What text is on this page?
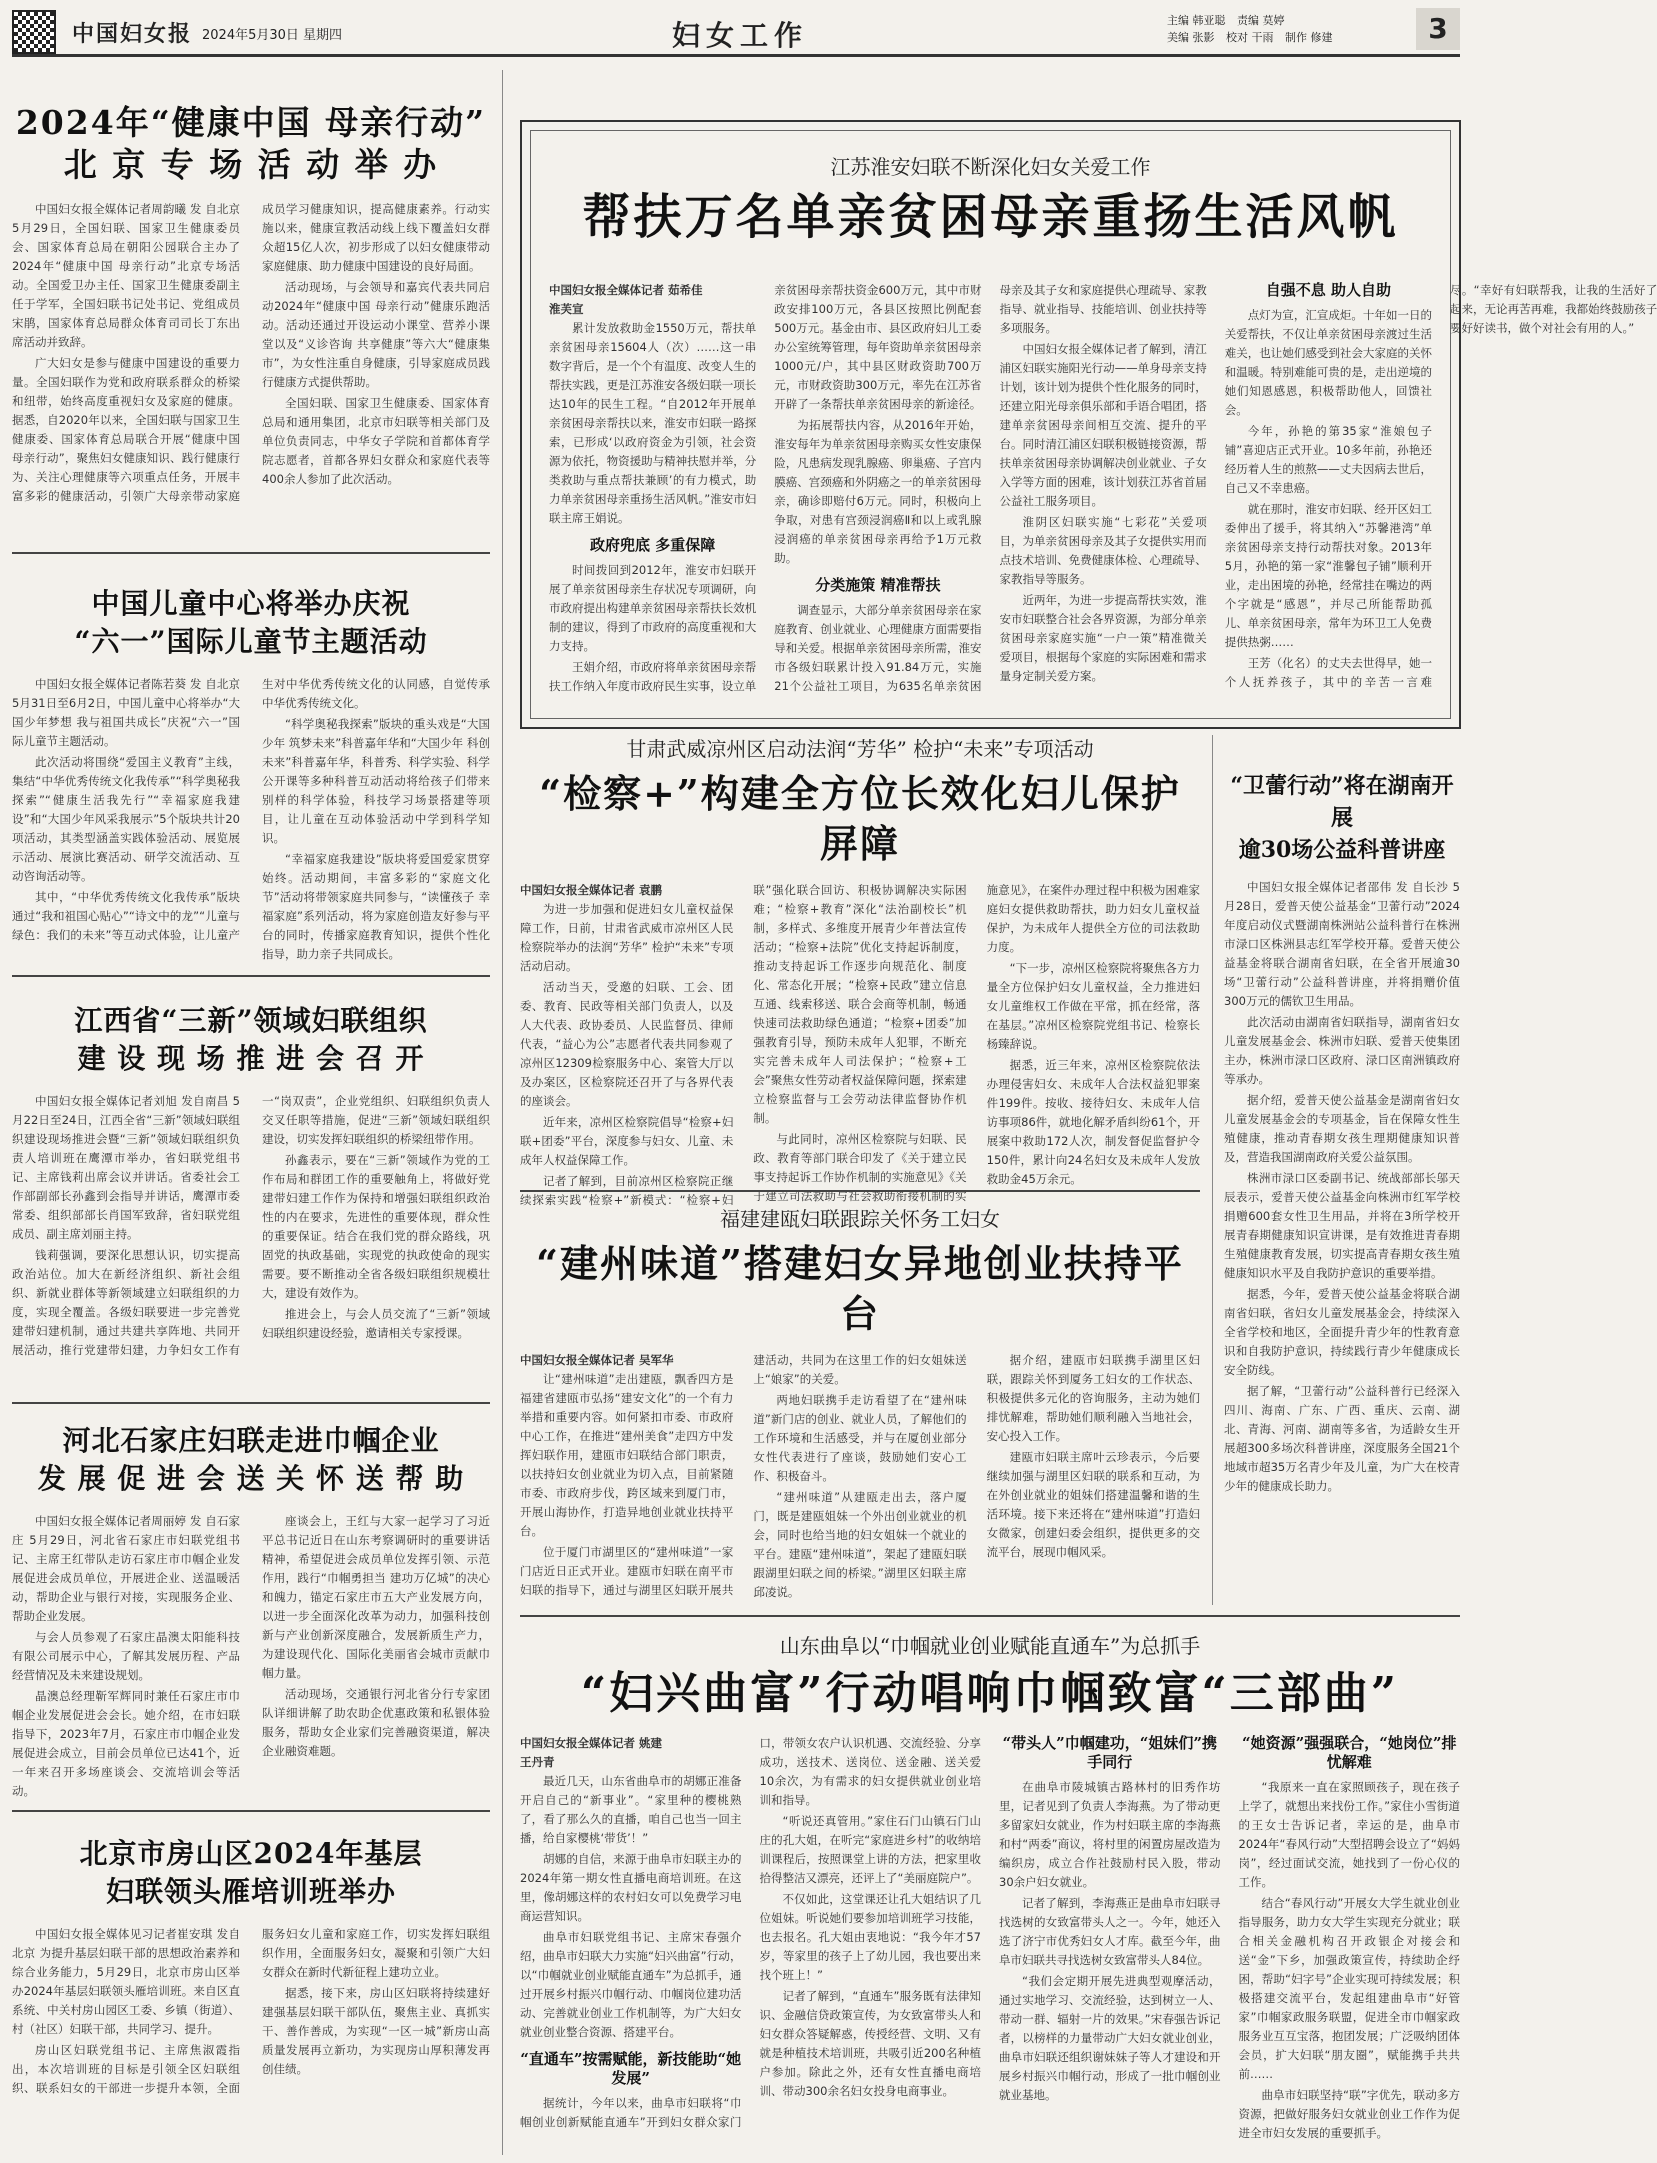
中国妇女报 2024年5月30日 星期四	妇女工作	主编 韩亚聪 责编 莫婷
美编 张影 校对 干雨 制作 修建	3
2024年“健康中国 母亲行动”
北 京 专 场 活 动 举 办

中国妇女报全媒体记者周韵曦 发 自北京 5月29日，全国妇联、国家卫生健康委员会、国家体育总局在朝阳公园联合主办了2024年“健康中国 母亲行动”北京专场活动。全国爱卫办主任、国家卫生健康委副主任于学军，全国妇联书记处书记、党组成员宋鹃，国家体育总局群众体育司司长丁东出席活动并致辞。

广大妇女是参与健康中国建设的重要力量。全国妇联作为党和政府联系群众的桥梁和纽带，始终高度重视妇女及家庭的健康。据悉，自2020年以来，全国妇联与国家卫生健康委、国家体育总局联合开展“健康中国 母亲行动”，聚焦妇女健康知识、践行健康行为、关注心理健康等六项重点任务，开展丰富多彩的健康活动，引领广大母亲带动家庭成员学习健康知识，提高健康素养。行动实施以来，健康宣教活动线上线下覆盖妇女群众超15亿人次，初步形成了以妇女健康带动家庭健康、助力健康中国建设的良好局面。

活动现场，与会领导和嘉宾代表共同启动2024年“健康中国 母亲行动”健康乐跑活动。活动还通过开设运动小课堂、营养小课堂以及“义诊咨询 共享健康”等六大“健康集市”，为女性注重自身健康，引导家庭成员践行健康方式提供帮助。

全国妇联、国家卫生健康委、国家体育总局和通用集团，北京市妇联等相关部门及单位负责同志，中华女子学院和首都体育学院志愿者，首都各界妇女群众和家庭代表等400余人参加了此次活动。

中国儿童中心将举办庆祝
“六一”国际儿童节主题活动

中国妇女报全媒体记者陈若葵 发 自北京 5月31日至6月2日，中国儿童中心将举办“大国少年梦想 我与祖国共成长”庆祝“六一”国际儿童节主题活动。

此次活动将围绕“爱国主义教育”主线，集结“中华优秀传统文化我传承”“科学奥秘我探索”“健康生活我先行”“幸福家庭我建设”和“大国少年风采我展示”5个版块共计20项活动，其类型涵盖实践体验活动、展览展示活动、展演比赛活动、研学交流活动、互动咨询活动等。

其中，“中华优秀传统文化我传承”版块通过“我和祖国心贴心”“诗文中的龙”“儿童与绿色：我们的未来”等互动式体验，让儿童产生对中华优秀传统文化的认同感，自觉传承中华优秀传统文化。

“科学奥秘我探索”版块的重头戏是“大国少年 筑梦未来”科普嘉年华和“大国少年 科创未来”科普嘉年华，科普秀、科学实验、科学公开课等多种科普互动活动将给孩子们带来别样的科学体验，科技学习场景搭建等项目，让儿童在互动体验活动中学到科学知识。

“幸福家庭我建设”版块将爱国爱家贯穿始终。活动期间，丰富多彩的“家庭文化节”活动将带领家庭共同参与，“读懂孩子 幸福家庭”系列活动，将为家庭创造友好参与平台的同时，传播家庭教育知识，提供个性化指导，助力亲子共同成长。

江西省“三新”领域妇联组织
建 设 现 场 推 进 会 召 开

中国妇女报全媒体记者刘旭 发自南昌 5月22日至24日，江西全省“三新”领域妇联组织建设现场推进会暨“三新”领域妇联组织负责人培训班在鹰潭市举办，省妇联党组书记、主席钱莉出席会议并讲话。省委社会工作部副部长孙鑫到会指导并讲话，鹰潭市委常委、组织部部长肖国军致辞，省妇联党组成员、副主席刘丽主持。

钱莉强调，要深化思想认识，切实提高政治站位。加大在新经济组织、新社会组织、新就业群体等新领域建立妇联组织的力度，实现全覆盖。各级妇联要进一步完善党建带妇建机制，通过共建共享阵地、共同开展活动，推行党建带妇建，力争妇女工作有一“岗双责”，企业党组织、妇联组织负责人交叉任职等措施，促进“三新”领域妇联组织建设，切实发挥妇联组织的桥梁纽带作用。

孙鑫表示，要在“三新”领域作为党的工作布局和群团工作的重要触角上，将做好党建带妇建工作作为保持和增强妇联组织政治性的内在要求，先进性的重要体现，群众性的重要保证。结合在我们党的群众路线，巩固党的执政基础，实现党的执政使命的现实需要。要不断推动全省各级妇联组织规模壮大，建设有效作为。

推进会上，与会人员交流了“三新”领域妇联组织建设经验，邀请相关专家授课。

河北石家庄妇联走进巾帼企业
发 展 促 进 会 送 关 怀 送 帮 助

中国妇女报全媒体记者周丽婷 发 自石家庄 5月29日，河北省石家庄市妇联党组书记、主席王红带队走访石家庄市巾帼企业发展促进会成员单位，开展进企业、送温暖活动，帮助企业与银行对接，实现服务企业、帮助企业发展。

与会人员参观了石家庄晶澳太阳能科技有限公司展示中心，了解其发展历程、产品经营情况及未来建设规划。

晶澳总经理靳军辉同时兼任石家庄市巾帼企业发展促进会会长。她介绍，在市妇联指导下，2023年7月，石家庄市巾帼企业发展促进会成立，目前会员单位已达41个，近一年来召开多场座谈会、交流培训会等活动。

座谈会上，王红与大家一起学习了习近平总书记近日在山东考察调研时的重要讲话精神，希望促进会成员单位发挥引领、示范作用，践行“巾帼勇担当 建功万亿城”的决心和魄力，锚定石家庄市五大产业发展方向，以进一步全面深化改革为动力，加强科技创新与产业创新深度融合，发展新质生产力，为建设现代化、国际化美丽省会城市贡献巾帼力量。

活动现场，交通银行河北省分行专家团队详细讲解了助农助企优惠政策和私银体验服务，帮助女企业家们完善融资渠道，解决企业融资难题。

北京市房山区2024年基层
妇联领头雁培训班举办

中国妇女报全媒体见习记者崔安琪 发自北京 为提升基层妇联干部的思想政治素养和综合业务能力，5月29日，北京市房山区举办2024年基层妇联领头雁培训班。来自区直系统、中关村房山园区工委、乡镇（街道）、村（社区）妇联干部，共同学习、提升。

房山区妇联党组书记、主席焦淑霞指出，本次培训班的目标是引领全区妇联组织、联系妇女的干部进一步提升本领，全面服务妇女儿童和家庭工作，切实发挥妇联组织作用，全面服务妇女，凝聚和引领广大妇女群众在新时代新征程上建功立业。

据悉，接下来，房山区妇联将持续建好建强基层妇联干部队伍，聚焦主业、真抓实干、善作善成，为实现“一区一城”新房山高质量发展再立新功，为实现房山厚积薄发再创佳绩。

江苏淮安妇联不断深化妇女关爱工作
帮扶万名单亲贫困母亲重扬生活风帆
中国妇女报全媒体记者 茹希佳
淮芙宣

累计发放救助金1550万元，帮扶单亲贫困母亲15604人（次）……这一串数字背后，是一个个有温度、改变人生的帮扶实践，更是江苏淮安各级妇联一项长达10年的民生工程。“自2012年开展单亲贫困母亲帮扶以来，淮安市妇联一路探索，已形成‘以政府资金为引领，社会资源为依托，物资援助与精神扶慰并举，分类救助与重点帮扶兼顾’的有力模式，助力单亲贫困母亲重扬生活风帆。”淮安市妇联主席王娟说。

政府兜底 多重保障

时间拨回到2012年，淮安市妇联开展了单亲贫困母亲生存状况专项调研，向市政府提出构建单亲贫困母亲帮扶长效机制的建议，得到了市政府的高度重视和大力支持。

王娟介绍，市政府将单亲贫困母亲帮扶工作纳入年度市政府民生实事，设立单亲贫困母亲帮扶资金600万元，其中市财政安排100万元，各县区按照比例配套500万元。基金由市、县区政府妇儿工委办公室统筹管理，每年资助单亲贫困母亲1000元/户，其中县区财政资助700万元，市财政资助300万元，率先在江苏省开辟了一条帮扶单亲贫困母亲的新途径。

为拓展帮扶内容，从2016年开始，淮安每年为单亲贫困母亲购买女性安康保险，凡患病发现乳腺癌、卵巢癌、子宫内膜癌、宫颈癌和外阴癌之一的单亲贫困母亲，确诊即赔付6万元。同时，积极向上争取，对患有宫颈浸润癌Ⅱ和以上或乳腺浸润癌的单亲贫困母亲再给予1万元救助。

分类施策 精准帮扶

调查显示，大部分单亲贫困母亲在家庭教育、创业就业、心理健康方面需要指导和关爱。根据单亲贫困母亲所需，淮安市各级妇联累计投入91.84万元，实施21个公益社工项目，为635名单亲贫困母亲及其子女和家庭提供心理疏导、家教指导、就业指导、技能培训、创业扶持等多项服务。

中国妇女报全媒体记者了解到，清江浦区妇联实施阳光行动——单身母亲支持计划，该计划为提供个性化服务的同时，还建立阳光母亲俱乐部和手语合唱团，搭建单亲贫困母亲间相互交流、提升的平台。同时清江浦区妇联积极链接资源，帮扶单亲贫困母亲协调解决创业就业、子女入学等方面的困难，该计划获江苏省首届公益社工服务项目。

淮阴区妇联实施“七彩花”关爱项目，为单亲贫困母亲及其子女提供实用而点技术培训、免费健康体检、心理疏导、家教指导等服务。

近两年，为进一步提高帮扶实效，淮安市妇联整合社会各界资源，为部分单亲贫困母亲家庭实施“一户一策”精准微关爱项目，根据每个家庭的实际困难和需求量身定制关爱方案。

自强不息 助人自助

点灯为宣，汇宣成炬。十年如一日的关爱帮扶，不仅让单亲贫困母亲渡过生活难关，也让她们感受到社会大家庭的关怀和温暖。特别难能可贵的是，走出逆境的她们知恩感恩，积极帮助他人，回馈社会。

今年，孙艳的第35家“淮娘包子铺”喜迎店正式开业。10多年前，孙艳还经历着人生的煎熬——丈夫因病去世后，自己又不幸患癌。

就在那时，淮安市妇联、经开区妇工委伸出了援手，将其纳入“苏馨港湾”单亲贫困母亲支持行动帮扶对象。2013年5月，孙艳的第一家“淮馨包子铺”顺利开业，走出困境的孙艳，经常挂在嘴边的两个字就是“感恩”，并尽己所能帮助孤儿、单亲贫困母亲，常年为环卫工人免费提供热粥……

王芳（化名）的丈夫去世得早，她一个人抚养孩子，其中的辛苦一言难尽。“幸好有妇联帮我，让我的生活好了起来，无论再苦再难，我都始终鼓励孩子要好好读书，做个对社会有用的人。”

甘肃武威凉州区启动法润“芳华” 检护“未来”专项活动
“检察+”构建全方位长效化妇儿保护屏障
中国妇女报全媒体记者 袁鹏

为进一步加强和促进妇女儿童权益保障工作，日前，甘肃省武威市凉州区人民检察院举办的法润“芳华” 检护“未来”专项活动启动。

活动当天，受邀的妇联、工会、团委、教育、民政等相关部门负责人，以及人大代表、政协委员、人民监督员、律师代表，“益心为公”志愿者代表共同参观了凉州区12309检察服务中心、案管大厅以及办案区，区检察院还召开了与各界代表的座谈会。

近年来，凉州区检察院倡导“检察+妇联+团委”平台，深度参与妇女、儿童、未成年人权益保障工作。

记者了解到，目前凉州区检察院正继续探索实践“检察+”新模式：“检察+妇联”强化联合回访、积极协调解决实际困难；“检察+教育”深化“法治副校长”机制，多样式、多维度开展青少年普法宣传活动；“检察+法院”优化支持起诉制度，推动支持起诉工作逐步向规范化、制度化、常态化开展；“检察+民政”建立信息互通、线索移送、联合会商等机制，畅通快速司法救助绿色通道；“检察+团委”加强教育引导，预防未成年人犯罪，不断充实完善未成年人司法保护；“检察+工会”聚焦女性劳动者权益保障问题，探索建立检察监督与工会劳动法律监督协作机制。

与此同时，凉州区检察院与妇联、民政、教育等部门联合印发了《关于建立民事支持起诉工作协作机制的实施意见》《关于建立司法救助与社会救助衔接机制的实施意见》，在案件办理过程中积极为困难家庭妇女提供救助帮扶，助力妇女儿童权益保护，为未成年人提供全方位的司法救助力度。

“下一步，凉州区检察院将聚焦各方力量全方位保护妇女儿童权益，全力推进妇女儿童维权工作做在平常，抓在经常，落在基层。”凉州区检察院党组书记、检察长杨臻辞说。

据悉，近三年来，凉州区检察院依法办理侵害妇女、未成年人合法权益犯罪案件199件。按收、接待妇女、未成年人信访事项86件，就地化解矛盾纠纷61个，开展案中救助172人次，制发督促监督护令150件，累计向24名妇女及未成年人发放救助金45万余元。

福建建瓯妇联跟踪关怀务工妇女
“建州味道”搭建妇女异地创业扶持平台
中国妇女报全媒体记者 吴军华

让“建州味道”走出建瓯，飘香四方是福建省建瓯市弘扬“建安文化”的一个有力举措和重要内容。如何紧扣市委、市政府中心工作，在推进“建州美食”走四方中发挥妇联作用，建瓯市妇联结合部门职责，以扶持妇女创业就业为切入点，目前紧随市委、市政府步伐，跨区域来到厦门市，开展山海协作，打造异地创业就业扶持平台。

位于厦门市湖里区的“建州味道”一家门店近日正式开业。建瓯市妇联在南平市妇联的指导下，通过与湖里区妇联开展共建活动，共同为在这里工作的妇女姐妹送上“娘家”的关爱。

两地妇联携手走访看望了在“建州味道”新门店的创业、就业人员，了解他们的工作环境和生活感受，并与在厦创业部分女性代表进行了座谈，鼓励她们安心工作、积极奋斗。

“建州味道”从建瓯走出去，落户厦门，既是建瓯姐妹一个外出创业就业的机会，同时也给当地的妇女姐妹一个就业的平台。建瓯“建州味道”，架起了建瓯妇联跟湖里妇联之间的桥梁。”湖里区妇联主席邱凌说。

据介绍，建瓯市妇联携手湖里区妇联，跟踪关怀到厦务工妇女的工作状态、积极提供多元化的咨询服务，主动为她们排忧解难，帮助她们顺利融入当地社会，安心投入工作。

建瓯市妇联主席叶云珍表示，今后要继续加强与湖里区妇联的联系和互动，为在外创业就业的姐妹们搭建温馨和谐的生活环境。接下来还将在“建州味道”打造妇女微家，创建妇委会组织，提供更多的交流平台，展现巾帼风采。

“卫蕾行动”将在湖南开展
逾30场公益科普讲座

中国妇女报全媒体记者邵伟 发 自长沙 5月28日，爱普天使公益基金“卫蕾行动”2024年度启动仪式暨湖南株洲站公益科普行在株洲市渌口区株洲县志红军学校开幕。爱普天使公益基金将联合湖南省妇联，在全省开展逾30场“卫蕾行动”公益科普讲座，并将捐赠价值300万元的儒钦卫生用品。

此次活动由湖南省妇联指导，湖南省妇女儿童发展基金会、株洲市妇联、爱普天使集团主办，株洲市渌口区政府、渌口区南洲镇政府等承办。

据介绍，爱普天使公益基金是湖南省妇女儿童发展基金会的专项基金，旨在保障女性生殖健康，推动青春期女孩生理期健康知识普及，营造我国湖南政府关爱公益氛围。

株洲市渌口区委副书记、统战部部长邬天辰表示，爱普天使公益基金向株洲市红军学校捐赠600套女性卫生用品，并将在3所学校开展青春期健康知识宣讲课，是有效推进青春期生殖健康教育发展，切实提高青春期女孩生殖健康知识水平及自我防护意识的重要举措。

据悉，今年，爱普天使公益基金将联合湖南省妇联，省妇女儿童发展基金会，持续深入全省学校和地区，全面提升青少年的性教育意识和自我防护意识，持续践行青少年健康成长安全防线。

据了解，“卫蕾行动”公益科普行已经深入四川、海南、广东、广西、重庆、云南、湖北、青海、河南、湖南等多省，为适龄女生开展超300多场次科普讲座，深度服务全国21个地域市超35万名青少年及儿童，为广大在校青少年的健康成长助力。

山东曲阜以“巾帼就业创业赋能直通车”为总抓手
“妇兴曲富”行动唱响巾帼致富“三部曲”
中国妇女报全媒体记者 姚建
王丹青

最近几天，山东省曲阜市的胡娜正准备开启自己的“新事业”。“家里种的樱桃熟了，看了那么久的直播，咱自己也当一回主播，给自家樱桃‘带货’！”

胡娜的自信，来源于曲阜市妇联主办的2024年第一期女性直播电商培训班。在这里，像胡娜这样的农村妇女可以免费学习电商运营知识。

曲阜市妇联党组书记、主席宋春强介绍，曲阜市妇联大力实施“妇兴曲富”行动，以“巾帼就业创业赋能直通车”为总抓手，通过开展乡村振兴巾帼行动、巾帼岗位建功活动、完善就业创业工作机制等，为广大妇女就业创业整合资源、搭建平台。

“直通车”按需赋能，新技能助“她发展”

据统计，今年以来，曲阜市妇联将“巾帼创业创新赋能直通车”开到妇女群众家门口，带领女农户认识机遇、交流经验、分享成功，送技术、送岗位、送金融、送关爱10余次，为有需求的妇女提供就业创业培训和指导。

“听说还真管用。”家住石门山镇石门山庄的孔大姐，在听完“家庭进乡村”的收纳培训课程后，按照课堂上讲的方法，把家里收拾得整洁又漂亮，还评上了“美丽庭院户”。

不仅如此，这堂课还让孔大姐结识了几位姐妹。听说她们要参加培训班学习技能，也去报名。孔大姐由衷地说：“我今年才57岁，等家里的孩子上了幼儿园，我也要出来找个班上！”

记者了解到，“直通车”服务既有法律知识、金融信贷政策宣传，为女致富带头人和妇女群众答疑解惑，传授经营、文明、又有就是种植技术培训班，共吸引近200名种植户参加。除此之外，还有女性直播电商培训、带动300余名妇女投身电商事业。

“带头人”巾帼建功，“姐妹们”携手同行

在曲阜市陵城镇古路林村的旧秀作坊里，记者见到了负责人李海燕。为了带动更多留家妇女就业，作为村妇联主席的李海燕和村“两委”商议，将村里的闲置房屋改造为编织房，成立合作社鼓励村民入股，带动30余户妇女就业。

记者了解到，李海燕正是曲阜市妇联寻找选树的女致富带头人之一。今年，她还入选了济宁市优秀妇女人才库。截至今年，曲阜市妇联共寻找选树女致富带头人84位。

“我们会定期开展先进典型观摩活动，通过实地学习、交流经验，达到树立一人、带动一群、辐射一片的效果。”宋春强告诉记者，以榜样的力量带动广大妇女就业创业，曲阜市妇联还组织谢妹妹子等人才建设和开展乡村振兴巾帼行动，形成了一批巾帼创业就业基地。

“她资源”强强联合，“她岗位”排忧解难

“我原来一直在家照顾孩子，现在孩子上学了，就想出来找份工作。”家住小雪街道的王女士告诉记者，幸运的是，曲阜市2024年“春风行动”大型招聘会设立了“妈妈岗”，经过面试交流，她找到了一份心仪的工作。

结合“春风行动”开展女大学生就业创业指导服务，助力女大学生实现充分就业；联合相关金融机构召开政银企对接会和送“金”下乡，加强政策宣传，持续助企纾困，帮助“妇字号”企业实现可持续发展；积极搭建交流平台，发起组建曲阜市“好管家”巾帼家政服务联盟，促进全市巾帼家政服务业互互宝落，抱团发展；广泛吸纳团体会员，扩大妇联“朋友圈”，赋能携手共共前……

曲阜市妇联坚持“联”字优先，联动多方资源，把做好服务妇女就业创业工作作为促进全市妇女发展的重要抓手。
